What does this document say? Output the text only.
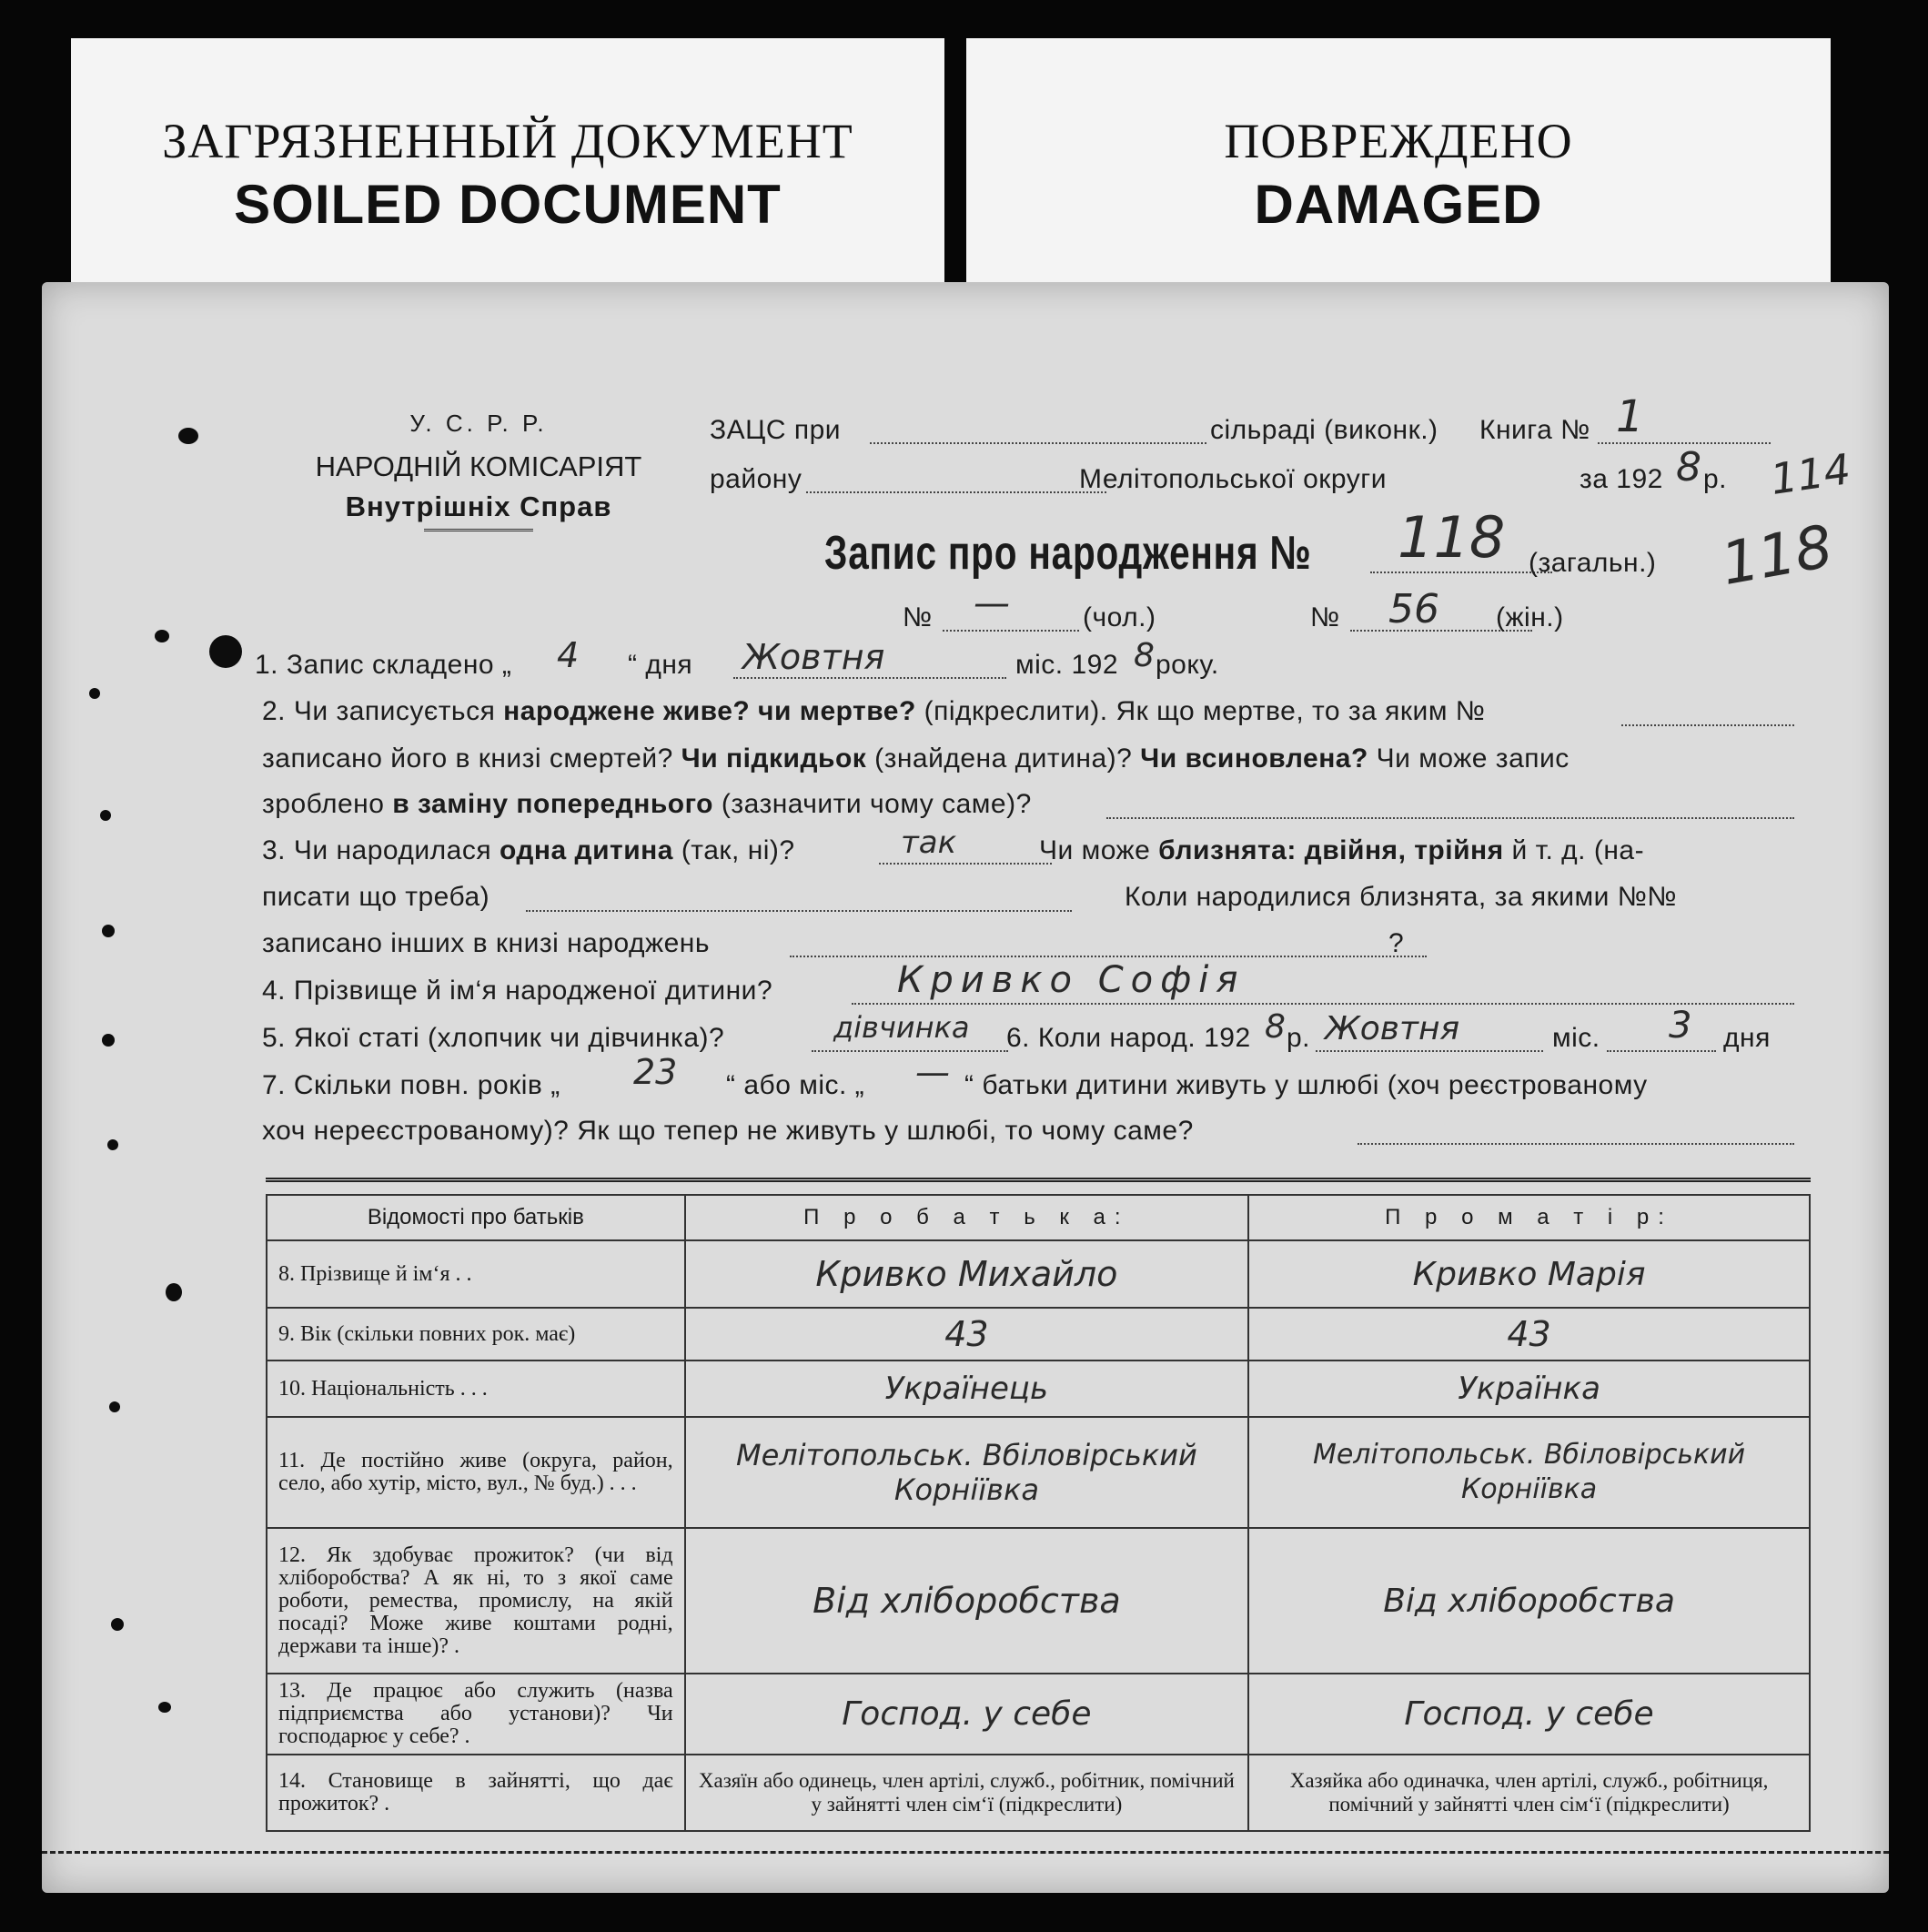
ЗАГРЯЗНЕННЫЙ ДОКУМЕНТ
SOILED DOCUMENT
ПОВРЕЖДЕНО
DAMAGED
У. С. Р. Р.
НАРОДНІЙ КОМІСАРІЯТ
Внутрішніх Справ
ЗАЦС при	сільраді (виконк.) Книга № 1
району	Мелітопольської округи	за 192 8 р. 114
118
Запис про народження № 118 (загальн.)
№ —	(чол.)	№ 56 (жін.)
1. Запис складено „ 4 “ дня Жовтня	міс. 192 8 року.
2. Чи записується народжене живе? чи мертве? (підкреслити). Як що мертве, то за яким №
записано його в книзі смертей? Чи підкидьок (знайдена дитина)? Чи всиновлена? Чи може запис
зроблено в заміну попереднього (зазначити чому саме)?
3. Чи народилася одна дитина (так, ні)?	так	Чи може близнята: двійня, трійня й т. д. (на-
писати що треба)	Коли народилися близнята, за якими №№
записано інших в книзі народжень	?
4. Прізвище й ім‘я народженої дитини?	Кривко Софія
5. Якої статі (хлопчик чи дівчинка)?	дівчинка 6. Коли народ. 192 8 р. Жовтня	міс. 3 дня
7. Скільки повн. років „ 23 “ або міс. „ — “ батьки дитини живуть у шлюбі (хоч реєстрованому
хоч нереєстрованому)? Як що тепер не живуть у шлюбі, то чому саме?
Відомості про батьків	П р о б а т ь к а:	П р о м а т і р:
8. Прізвище й ім‘я . .	Кривко Михайло	Кривко Марія
9. Вік (скільки повних рок. має)	43	43
10. Національність . . .	Українець	Українка
11. Де постійно живе (округа, район, село, або хутір, місто, вул., № буд.) . . .	Мелітопольськ. Вбіловірський Корніївка	Мелітопольськ. Вбіловірський Корніївка
12. Як здобуває прожиток? (чи від хліборобства? А як ні, то з якої саме роботи, ремества, промислу, на якій посаді? Може живе коштами родні, держави та інше)? .	Від хліборобства	Від хліборобства
13. Де працює або служить (назва підприємства або установи)? Чи господарює у себе? .	Господ. у себе	Господ. у себе
14. Становище в зайнятті, що дає прожиток? .	Хазяїн або одинець, член артілі, служб., робітник, помічний у зайнятті член сім‘ї (підкреслити)	Хазяйка або одиначка, член артілі, служб., робітниця, помічний у зайнятті член сім‘ї (підкреслити)
